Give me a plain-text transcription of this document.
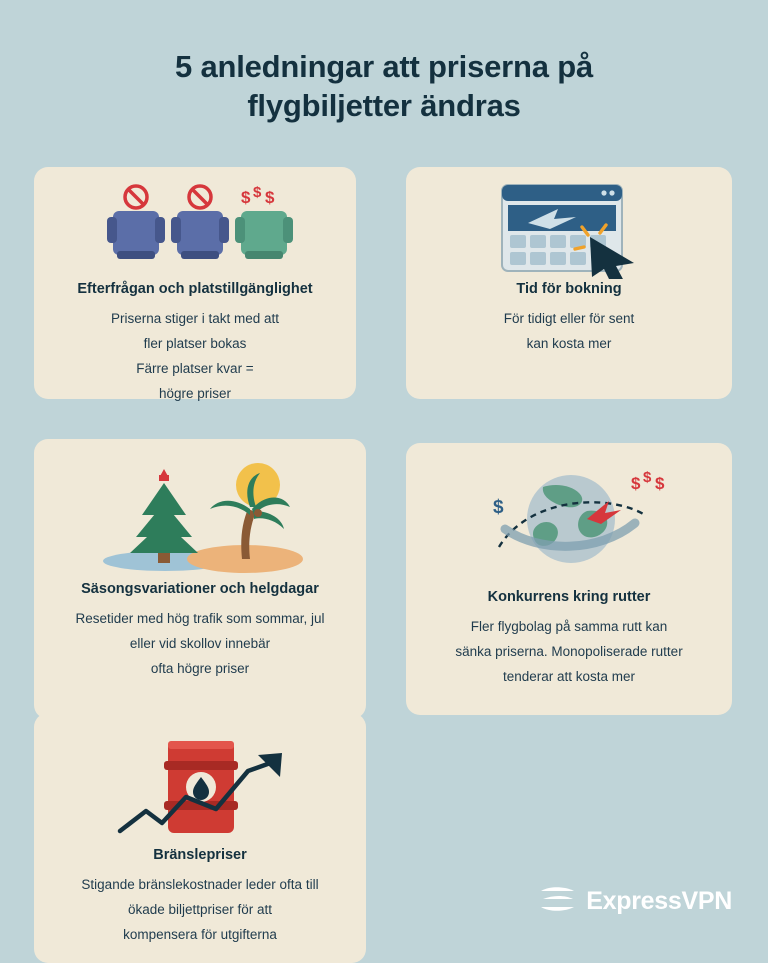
5 anledningar att priserna på flygbiljetter ändras
$ $ $
Efterfrågan och platstillgänglighet
Priserna stiger i takt med att
fler platser bokas
Färre platser kvar =
högre priser
Tid för bokning
För tidigt eller för sent
kan kosta mer
Säsongsvariationer och helgdagar
Resetider med hög trafik som sommar, jul
eller vid skollov innebär
ofta högre priser
$
$ $ $
Konkurrens kring rutter
Fler flygbolag på samma rutt kan
sänka priserna. Monopoliserade rutter
tenderar att kosta mer
Bränslepriser
Stigande bränslekostnader leder ofta till
ökade biljettpriser för att
kompensera för utgifterna
ExpressVPN
